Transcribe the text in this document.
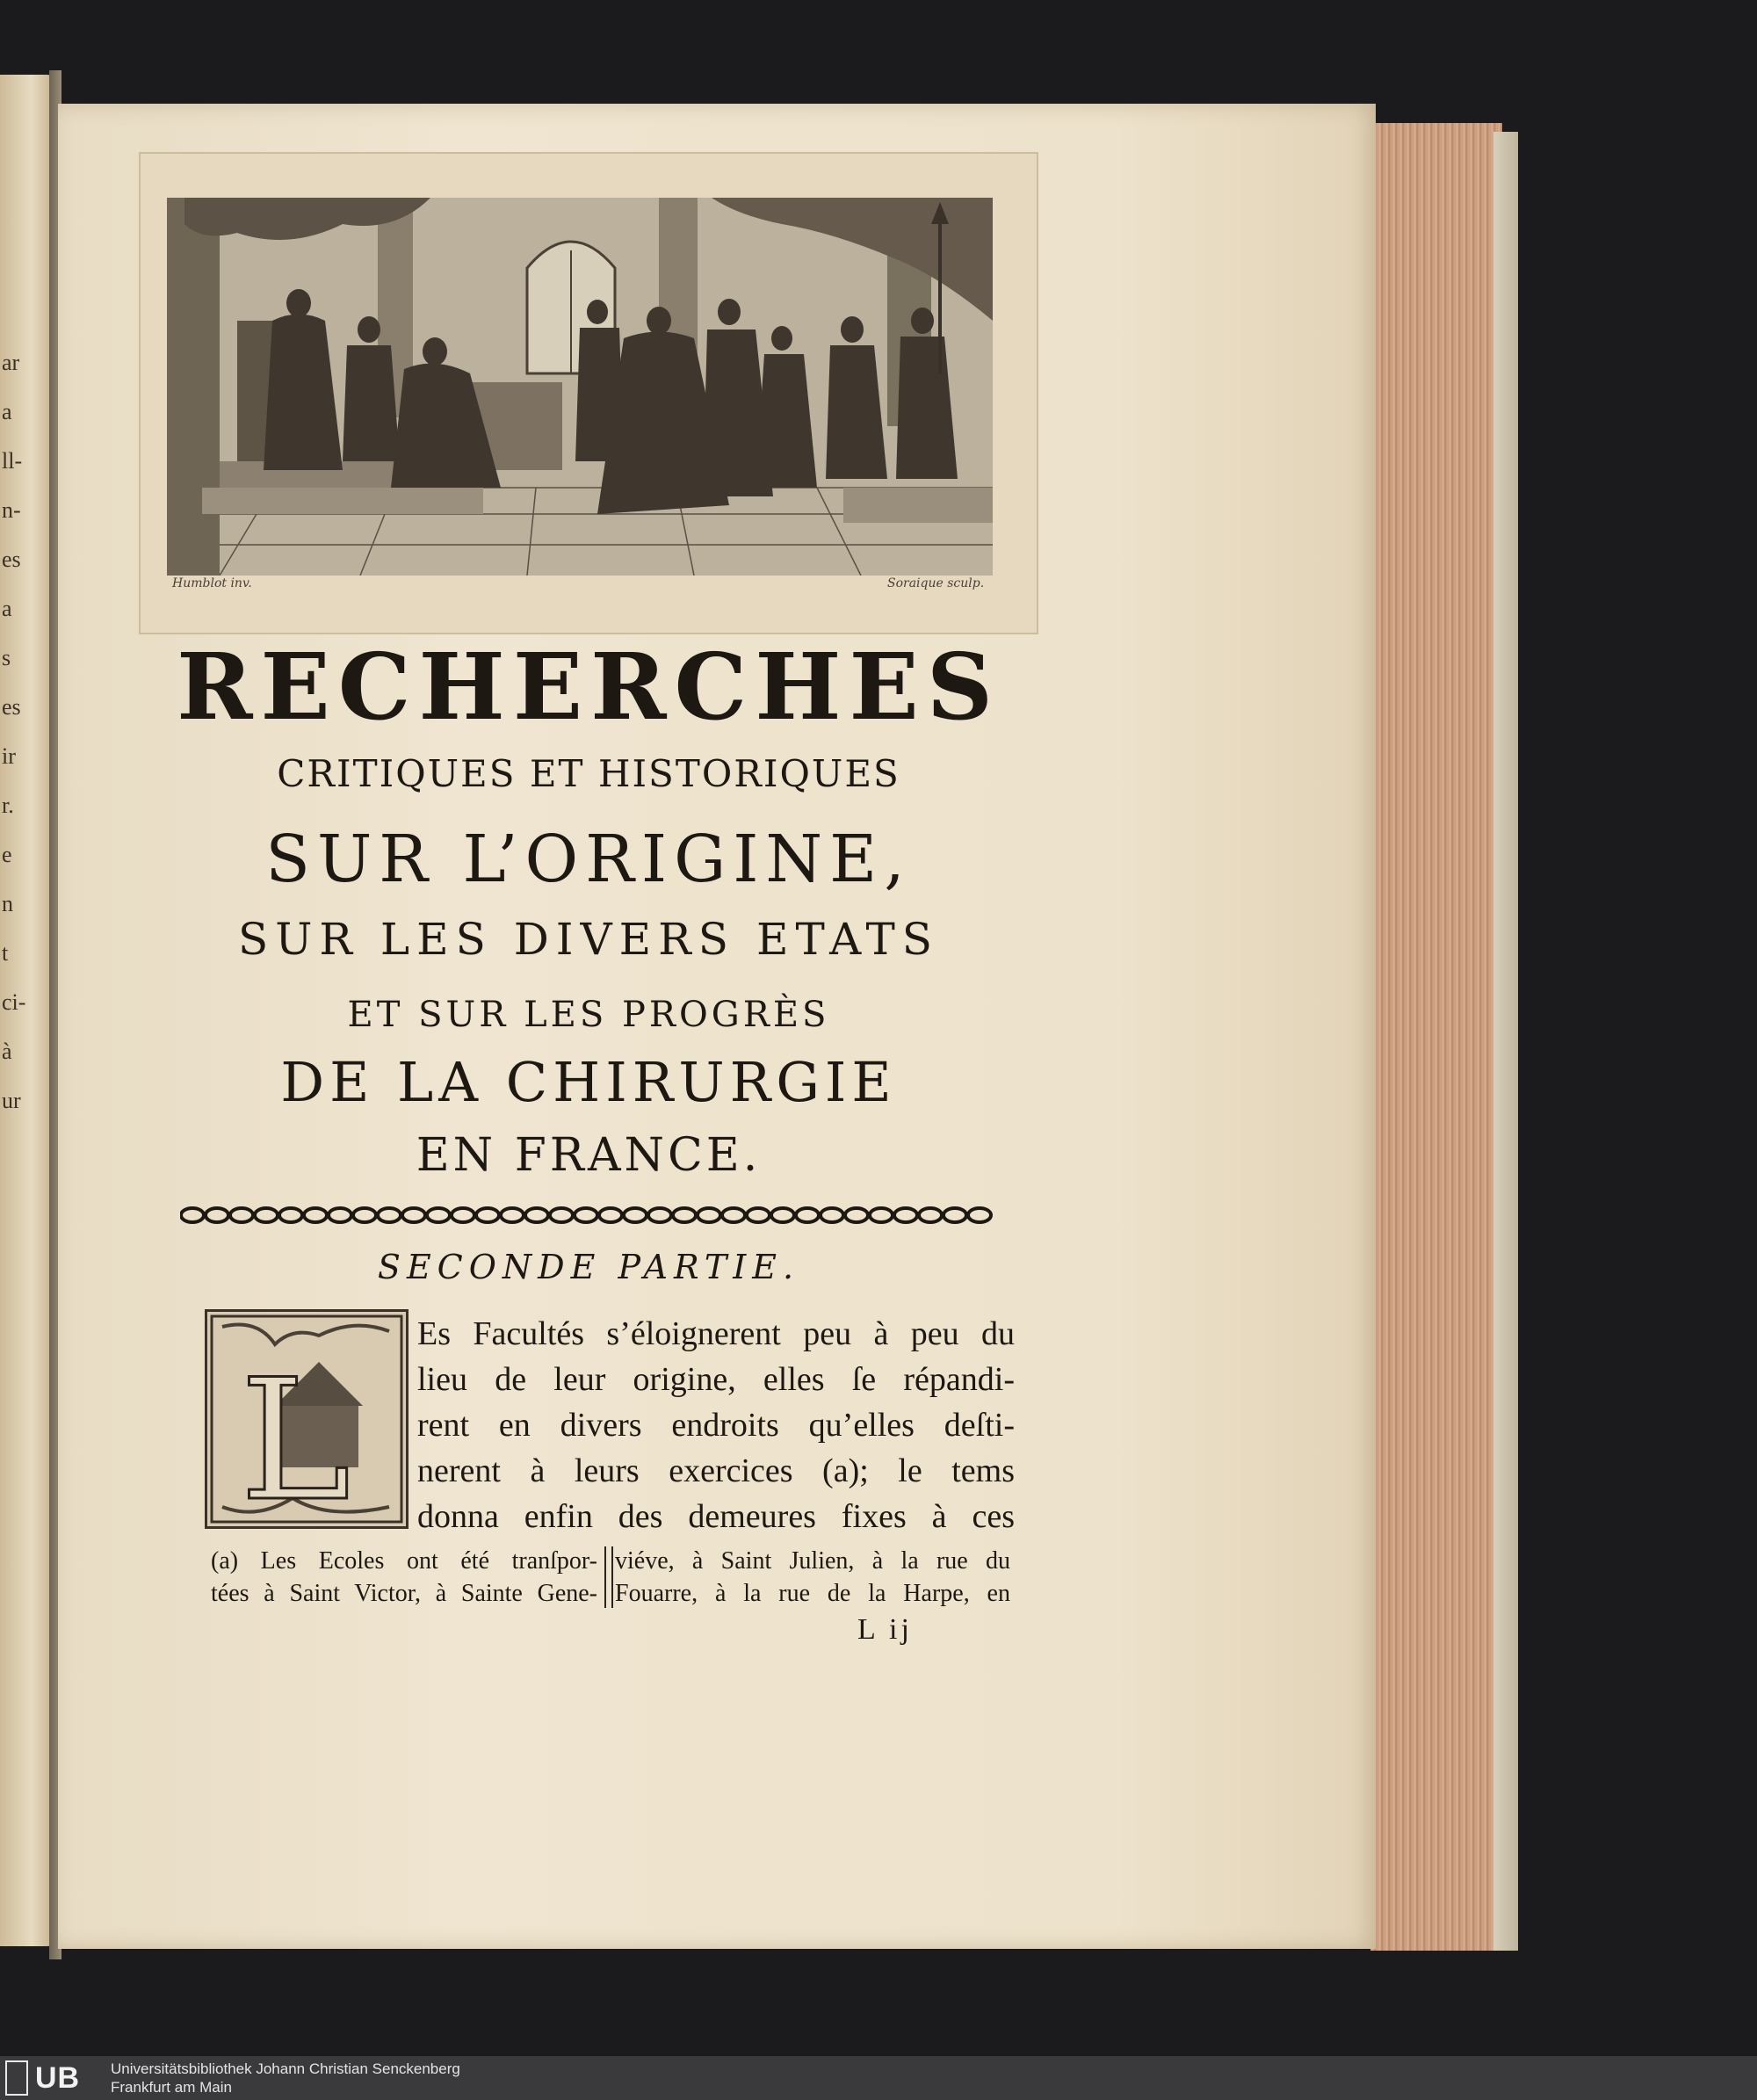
ar
a
ll-
n-
es
a
s
es
ir
r.
e
n
t
ci-
à
ur
Humblot inv.	Soraique sculp.
RECHERCHES
CRITIQUES ET HISTORIQUES
SUR L’ORIGINE,
SUR LES DIVERS ETATS
ET SUR LES PROGRÈS
DE LA CHIRURGIE
EN FRANCE.
SECONDE PARTIE.
L
Es Facultés s’éloignerent peu à peu du
lieu de leur origine, elles ſe répandi-
rent en divers endroits qu’elles deſti-
nerent à leurs exercices (a); le tems
donna enfin des demeures fixes à ces
(a) Les Ecoles ont été tranſpor-
tées à Saint Victor, à Sainte Gene-
viéve, à Saint Julien, à la rue du
Fouarre, à la rue de la Harpe, en
L ij
UB Universitätsbibliothek Johann Christian Senckenberg
Frankfurt am Main
